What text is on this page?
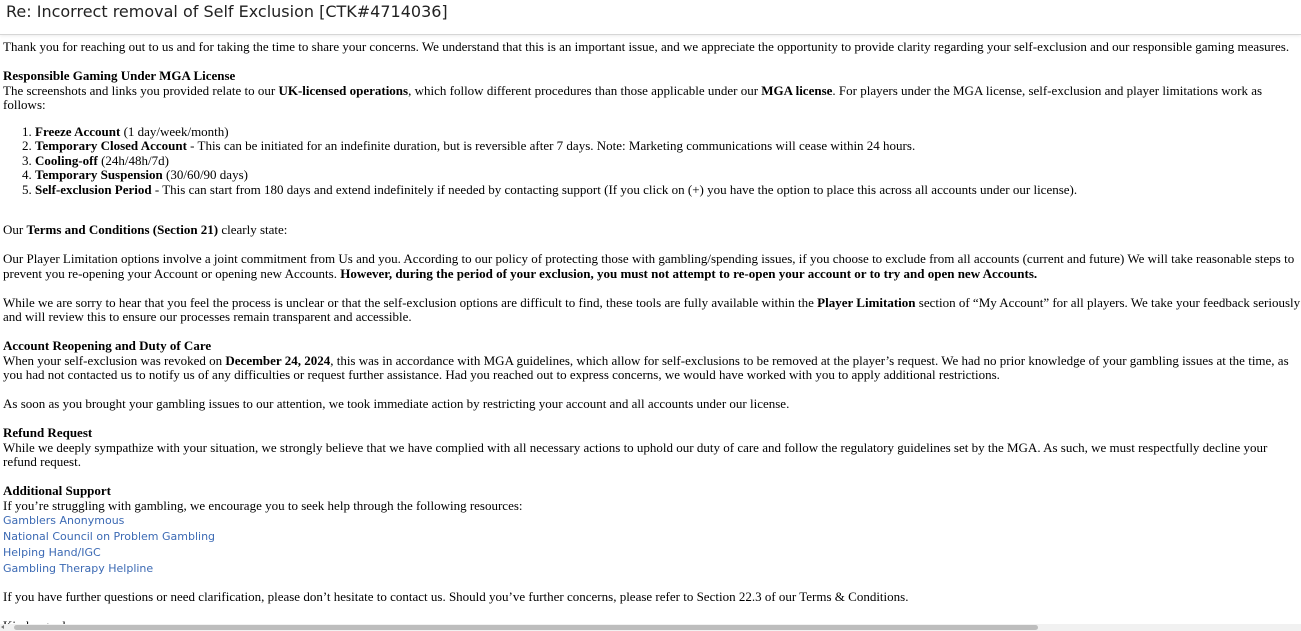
Re: Incorrect removal of Self Exclusion [CTK#4714036]

Thank you for reaching out to us and for taking the time to share your concerns. We understand that this is an important issue, and we appreciate the opportunity to provide clarity regarding your self-exclusion and our responsible gaming measures.

Responsible Gaming Under MGA License

The screenshots and links you provided relate to our UK-licensed operations, which follow different procedures than those applicable under our MGA license. For players under the MGA license, self-exclusion and player limitations work as follows:

1. Freeze Account (1 day/week/month)
2. Temporary Closed Account - This can be initiated for an indefinite duration, but is reversible after 7 days. Note: Marketing communications will cease within 24 hours.
3. Cooling-off (24h/48h/7d)
4. Temporary Suspension (30/60/90 days)
5. Self-exclusion Period - This can start from 180 days and extend indefinitely if needed by contacting support (If you click on (+) you have the option to place this across all accounts under our license).

Our Terms and Conditions (Section 21) clearly state:

Our Player Limitation options involve a joint commitment from Us and you. According to our policy of protecting those with gambling/spending issues, if you choose to exclude from all accounts (current and future) We will take reasonable steps to prevent you re-opening your Account or opening new Accounts. However, during the period of your exclusion, you must not attempt to re-open your account or to try and open new Accounts.

While we are sorry to hear that you feel the process is unclear or that the self-exclusion options are difficult to find, these tools are fully available within the Player Limitation section of “My Account” for all players. We take your feedback seriously and will review this to ensure our processes remain transparent and accessible.

Account Reopening and Duty of Care

When your self-exclusion was revoked on December 24, 2024, this was in accordance with MGA guidelines, which allow for self-exclusions to be removed at the player’s request. We had no prior knowledge of your gambling issues at the time, as you had not contacted us to notify us of any difficulties or request further assistance. Had you reached out to express concerns, we would have worked with you to apply additional restrictions.

As soon as you brought your gambling issues to our attention, we took immediate action by restricting your account and all accounts under our license.

Refund Request

While we deeply sympathize with your situation, we strongly believe that we have complied with all necessary actions to uphold our duty of care and follow the regulatory guidelines set by the MGA. As such, we must respectfully decline your refund request.

Additional Support

If you’re struggling with gambling, we encourage you to seek help through the following resources:

Gamblers Anonymous
National Council on Problem Gambling
Helping Hand/IGC
Gambling Therapy Helpline

If you have further questions or need clarification, please don’t hesitate to contact us. Should you’ve further concerns, please refer to Section 22.3 of our Terms & Conditions.
